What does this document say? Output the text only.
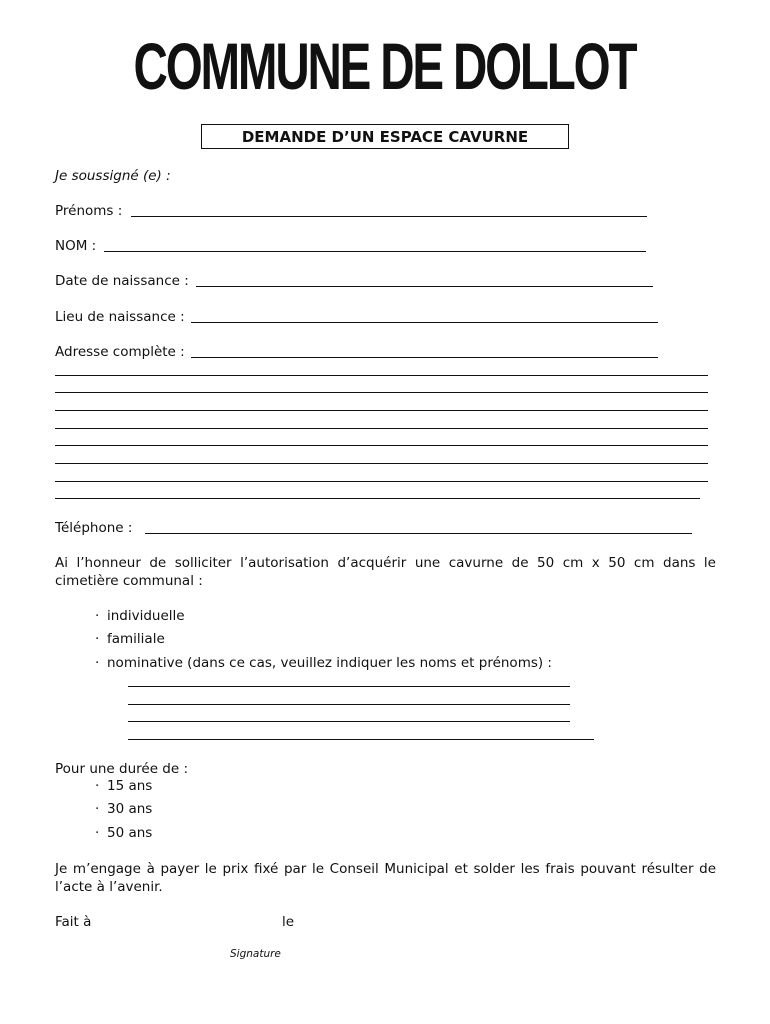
COMMUNE DE DOLLOT
DEMANDE D’UN ESPACE CAVURNE
Je soussigné (e) :
Prénoms :
NOM :
Date de naissance :
Lieu de naissance :
Adresse complète :
Téléphone :
Ai l’honneur de solliciter l’autorisation d’acquérir une cavurne de 50 cm x 50 cm dans le cimetière communal :
· individuelle
· familiale
· nominative (dans ce cas, veuillez indiquer les noms et prénoms) :
Pour une durée de :
· 15 ans
· 30 ans
· 50 ans
Je m’engage à payer le prix fixé par le Conseil Municipal et solder les frais pouvant résulter de l’acte à l’avenir.
Fait à	le
Signature
